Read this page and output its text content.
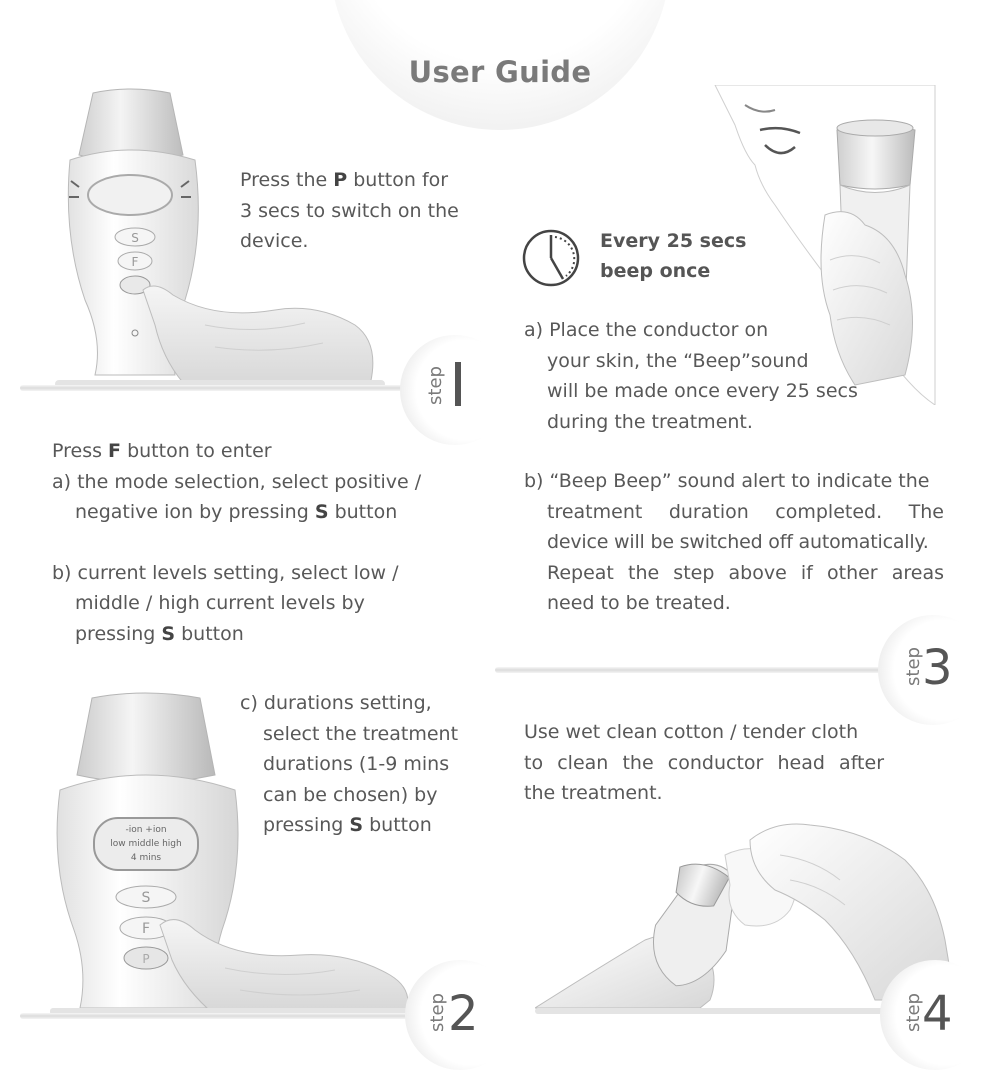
User Guide
S
F
Press the P button for
3 secs to switch on the
device.
step
Every 25 secs
beep once
a) Place the conductor on
your skin, the “Beep”sound
will be made once every 25 secs
during the treatment.
b) “Beep Beep” sound alert to indicate the
treatment duration completed. The
device will be switched off automatically.
Repeat the step above if other areas
need to be treated.
Press F button to enter
a) the mode selection, select positive /
negative ion by pressing S button
b) current levels setting, select low /
middle / high current levels by
pressing S button
step
3
-ion +ion
low middle high
4 mins
S
F
P
c) durations setting,
select the treatment
durations (1-9 mins
can be chosen) by
pressing S button
step 2
Use wet clean cotton / tender cloth
to clean the conductor head after
the treatment.
step
4
